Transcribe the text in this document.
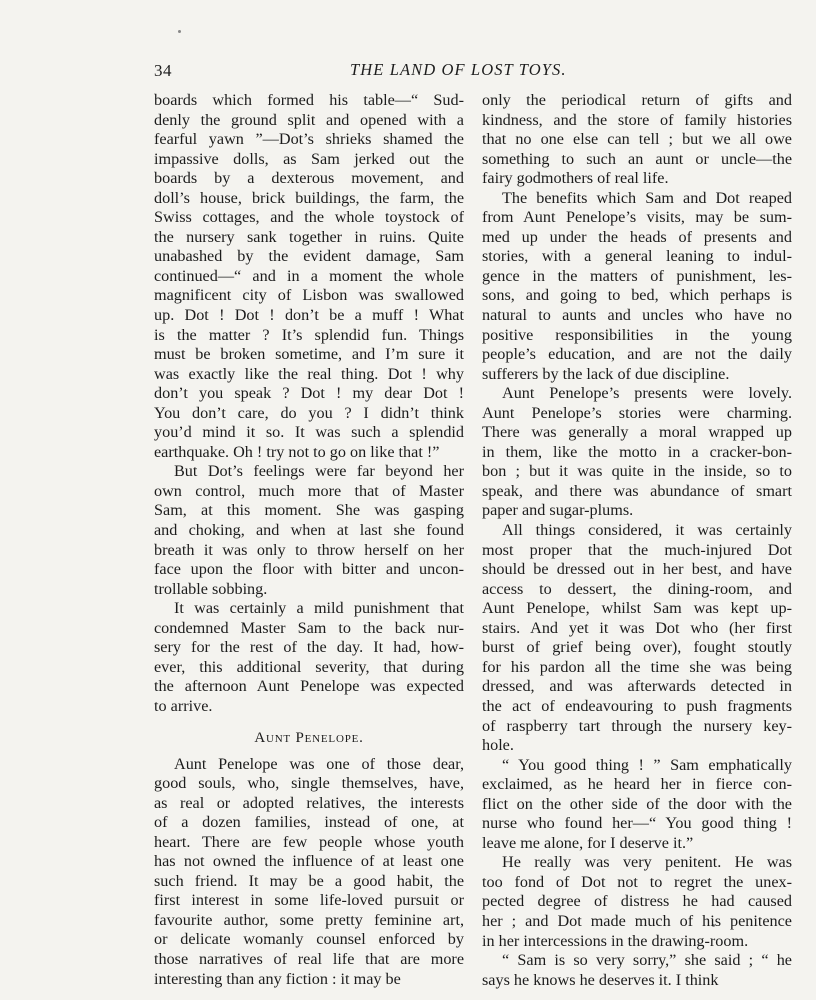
34	THE LAND OF LOST TOYS.
boards which formed his table—“ Sud-
denly the ground split and opened with a
fearful yawn ”—Dot’s shrieks shamed the
impassive dolls, as Sam jerked out the
boards by a dexterous movement, and
doll’s house, brick buildings, the farm, the
Swiss cottages, and the whole toystock of
the nursery sank together in ruins. Quite
unabashed by the evident damage, Sam
continued—“ and in a moment the whole
magnificent city of Lisbon was swallowed
up. Dot ! Dot ! don’t be a muff ! What
is the matter ? It’s splendid fun. Things
must be broken sometime, and I’m sure it
was exactly like the real thing. Dot ! why
don’t you speak ? Dot ! my dear Dot !
You don’t care, do you ? I didn’t think
you’d mind it so. It was such a splendid
earthquake. Oh ! try not to go on like that !”
But Dot’s feelings were far beyond her
own control, much more that of Master
Sam, at this moment. She was gasping
and choking, and when at last she found
breath it was only to throw herself on her
face upon the floor with bitter and uncon-
trollable sobbing.
It was certainly a mild punishment that
condemned Master Sam to the back nur-
sery for the rest of the day. It had, how-
ever, this additional severity, that during
the afternoon Aunt Penelope was expected
to arrive.
Aunt Penelope.
Aunt Penelope was one of those dear,
good souls, who, single themselves, have,
as real or adopted relatives, the interests
of a dozen families, instead of one, at
heart. There are few people whose youth
has not owned the influence of at least one
such friend. It may be a good habit, the
first interest in some life-loved pursuit or
favourite author, some pretty feminine art,
or delicate womanly counsel enforced by
those narratives of real life that are more
interesting than any fiction : it may be
only the periodical return of gifts and
kindness, and the store of family histories
that no one else can tell ; but we all owe
something to such an aunt or uncle—the
fairy godmothers of real life.
The benefits which Sam and Dot reaped
from Aunt Penelope’s visits, may be sum-
med up under the heads of presents and
stories, with a general leaning to indul-
gence in the matters of punishment, les-
sons, and going to bed, which perhaps is
natural to aunts and uncles who have no
positive responsibilities in the young
people’s education, and are not the daily
sufferers by the lack of due discipline.
Aunt Penelope’s presents were lovely.
Aunt Penelope’s stories were charming.
There was generally a moral wrapped up
in them, like the motto in a cracker-bon-
bon ; but it was quite in the inside, so to
speak, and there was abundance of smart
paper and sugar-plums.
All things considered, it was certainly
most proper that the much-injured Dot
should be dressed out in her best, and have
access to dessert, the dining-room, and
Aunt Penelope, whilst Sam was kept up-
stairs. And yet it was Dot who (her first
burst of grief being over), fought stoutly
for his pardon all the time she was being
dressed, and was afterwards detected in
the act of endeavouring to push fragments
of raspberry tart through the nursery key-
hole.
“ You good thing ! ” Sam emphatically
exclaimed, as he heard her in fierce con-
flict on the other side of the door with the
nurse who found her—“ You good thing !
leave me alone, for I deserve it.”
He really was very penitent. He was
too fond of Dot not to regret the unex-
pected degree of distress he had caused
her ; and Dot made much of his penitence
in her intercessions in the drawing-room.
“ Sam is so very sorry,” she said ; “ he
says he knows he deserves it. I think
